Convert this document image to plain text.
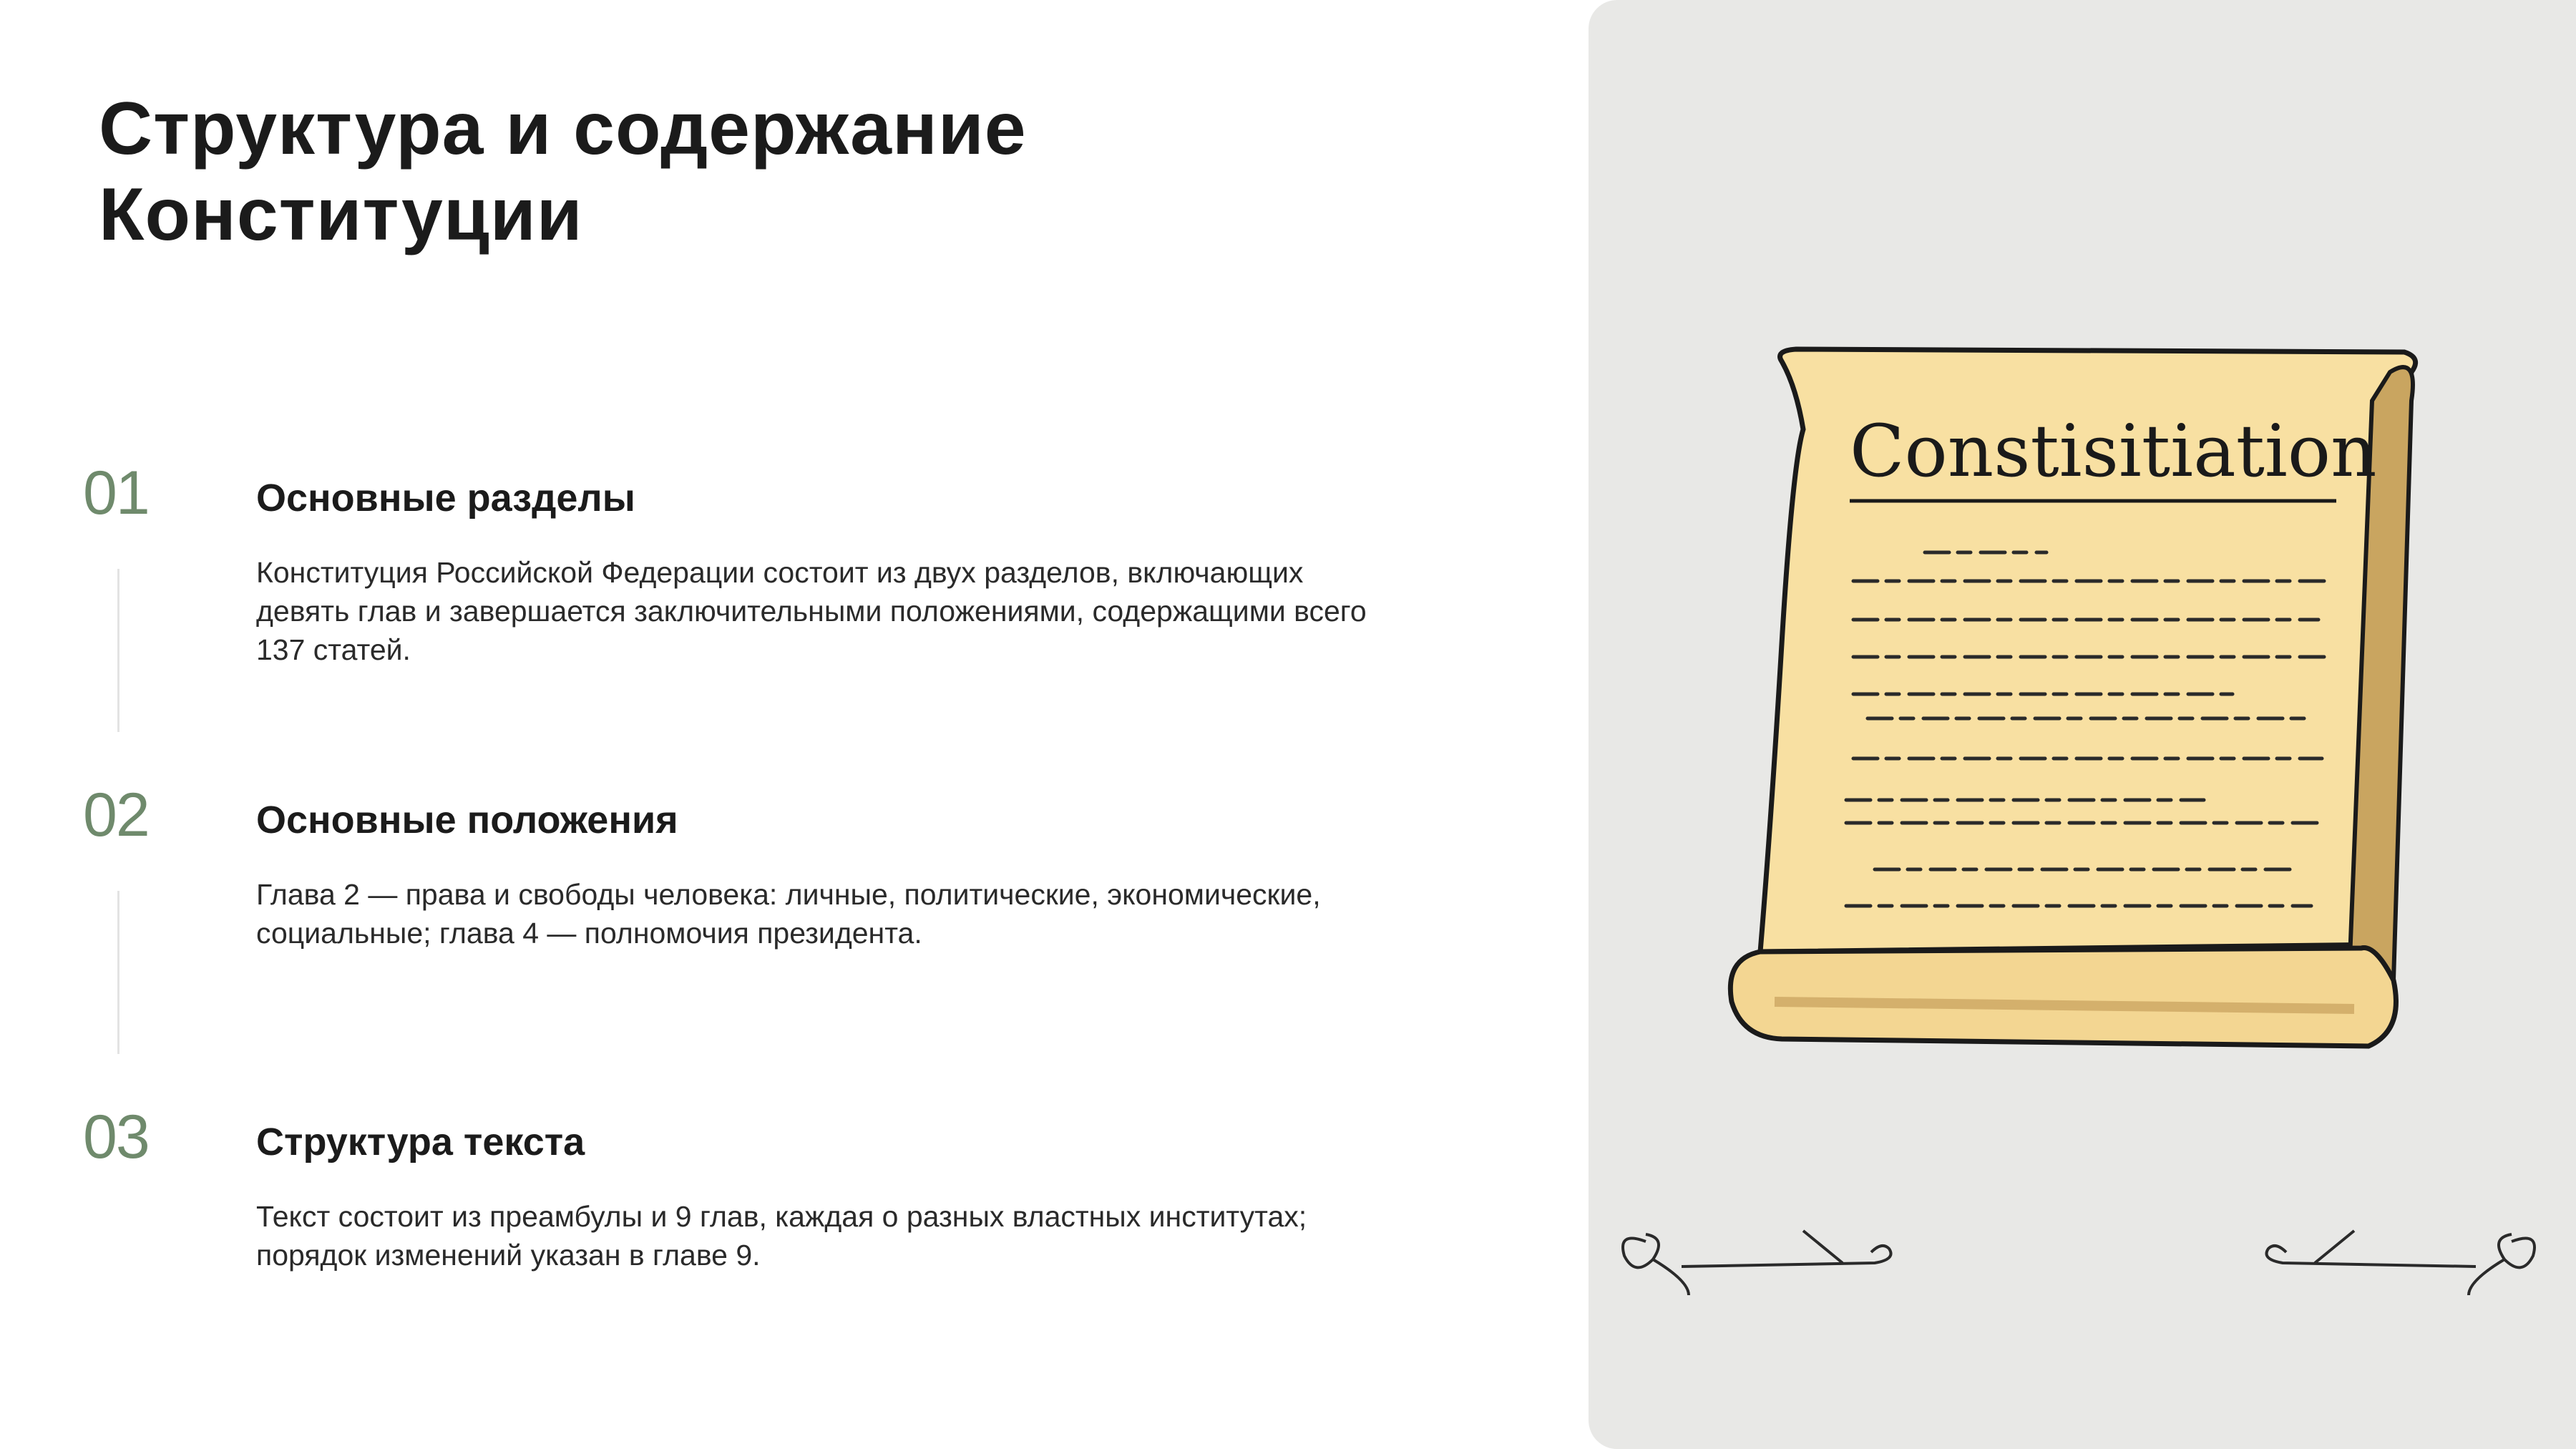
Структура и содержание Конституции
01	Основные разделы
Конституция Российской Федерации состоит из двух разделов, включающих девять глав и завершается заключительными положениями, содержащими всего 137 статей.
02	Основные положения
Глава 2 — права и свободы человека: личные, политические, экономические, социальные; глава 4 — полномочия президента.
03	Структура текста
Текст состоит из преамбулы и 9 глав, каждая о разных властных институтах; порядок изменений указан в главе 9.
Constisitiation
